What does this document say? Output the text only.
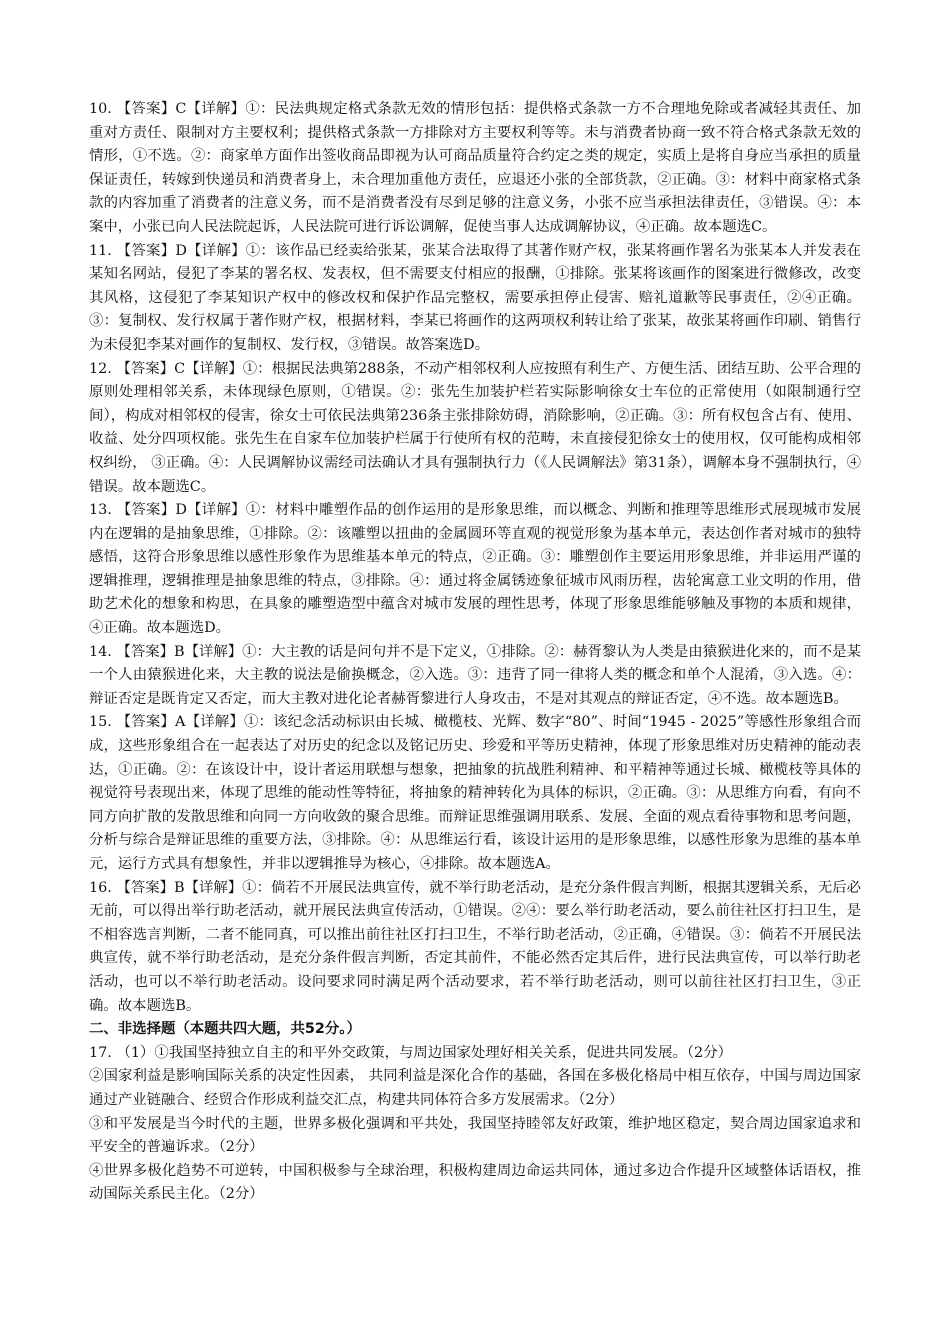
10. 【答案】C【详解】①：民法典规定格式条款无效的情形包括：提供格式条款一方不合理地免除或者减轻其责任、加重对方责任、限制对方主要权利；提供格式条款一方排除对方主要权利等等。未与消费者协商一致不符合格式条款无效的情形，①不选。②：商家单方面作出签收商品即视为认可商品质量符合约定之类的规定，实质上是将自身应当承担的质量保证责任，转嫁到快递员和消费者身上，未合理加重他方责任，应退还小张的全部货款，②正确。③：材料中商家格式条款的内容加重了消费者的注意义务，而不是消费者没有尽到足够的注意义务，小张不应当承担法律责任，③错误。④：本案中，小张已向人民法院起诉，人民法院可进行诉讼调解，促使当事人达成调解协议，④正确。故本题选C。

11. 【答案】D【详解】①：该作品已经卖给张某，张某合法取得了其著作财产权，张某将画作署名为张某本人并发表在某知名网站，侵犯了李某的署名权、发表权，但不需要支付相应的报酬，①排除。张某将该画作的图案进行微修改，改变其风格，这侵犯了李某知识产权中的修改权和保护作品完整权，需要承担停止侵害、赔礼道歉等民事责任，②④正确。③：复制权、发行权属于著作财产权，根据材料，李某已将画作的这两项权利转让给了张某，故张某将画作印刷、销售行为未侵犯李某对画作的复制权、发行权，③错误。故答案选D。

12. 【答案】C【详解】①：根据民法典第288条，不动产相邻权利人应按照有利生产、方便生活、团结互助、公平合理的原则处理相邻关系，未体现绿色原则，①错误。②：张先生加装护栏若实际影响徐女士车位的正常使用（如限制通行空间），构成对相邻权的侵害，徐女士可依民法典第236条主张排除妨碍，消除影响，②正确。③：所有权包含占有、使用、收益、处分四项权能。张先生在自家车位加装护栏属于行使所有权的范畴，未直接侵犯徐女士的使用权，仅可能构成相邻权纠纷， ③正确。④：人民调解协议需经司法确认才具有强制执行力（《人民调解法》第31条），调解本身不强制执行，④错误。故本题选C。

13. 【答案】D【详解】①：材料中雕塑作品的创作运用的是形象思维，而以概念、判断和推理等思维形式展现城市发展内在逻辑的是抽象思维，①排除。②：该雕塑以扭曲的金属圆环等直观的视觉形象为基本单元，表达创作者对城市的独特感悟，这符合形象思维以感性形象作为思维基本单元的特点，②正确。③：雕塑创作主要运用形象思维，并非运用严谨的逻辑推理，逻辑推理是抽象思维的特点，③排除。④：通过将金属锈迹象征城市风雨历程，齿轮寓意工业文明的作用，借助艺术化的想象和构思，在具象的雕塑造型中蕴含对城市发展的理性思考，体现了形象思维能够触及事物的本质和规律，④正确。故本题选D。

14. 【答案】B【详解】①：大主教的话是问句并不是下定义，①排除。②：赫胥黎认为人类是由猿猴进化来的，而不是某一个人由猿猴进化来，大主教的说法是偷换概念，②入选。③：违背了同一律将人类的概念和单个人混淆，③入选。④：辩证否定是既肯定又否定，而大主教对进化论者赫胥黎进行人身攻击，不是对其观点的辩证否定，④不选。故本题选B。

15. 【答案】A【详解】①：该纪念活动标识由长城、橄榄枝、光辉、数字“80”、时间“1945 - 2025”等感性形象组合而成，这些形象组合在一起表达了对历史的纪念以及铭记历史、珍爱和平等历史精神，体现了形象思维对历史精神的能动表达，①正确。②：在该设计中，设计者运用联想与想象，把抽象的抗战胜利精神、和平精神等通过长城、橄榄枝等具体的视觉符号表现出来，体现了思维的能动性等特征，将抽象的精神转化为具体的标识，②正确。③：从思维方向看，有向不同方向扩散的发散思维和向同一方向收敛的聚合思维。而辩证思维强调用联系、发展、全面的观点看待事物和思考问题，分析与综合是辩证思维的重要方法，③排除。④：从思维运行看，该设计运用的是形象思维，以感性形象为思维的基本单元，运行方式具有想象性，并非以逻辑推导为核心，④排除。故本题选A。

16. 【答案】B【详解】①：倘若不开展民法典宣传，就不举行助老活动，是充分条件假言判断，根据其逻辑关系，无后必无前，可以得出举行助老活动，就开展民法典宣传活动，①错误。②④：要么举行助老活动，要么前往社区打扫卫生，是不相容选言判断，二者不能同真，可以推出前往社区打扫卫生，不举行助老活动，②正确，④错误。③：倘若不开展民法典宣传，就不举行助老活动，是充分条件假言判断，否定其前件，不能必然否定其后件，进行民法典宣传，可以举行助老活动，也可以不举行助老活动。设问要求同时满足两个活动要求，若不举行助老活动，则可以前往社区打扫卫生，③正确。故本题选B。

二、非选择题（本题共四大题，共52分。）

17. （1）①我国坚持独立自主的和平外交政策，与周边国家处理好相关关系，促进共同发展。（2分）

②国家利益是影响国际关系的决定性因素， 共同利益是深化合作的基础，各国在多极化格局中相互依存，中国与周边国家通过产业链融合、经贸合作形成利益交汇点，构建共同体符合多方发展需求。（2分）

③和平发展是当今时代的主题，世界多极化强调和平共处，我国坚持睦邻友好政策，维护地区稳定，契合周边国家追求和平安全的普遍诉求。（2分）

④世界多极化趋势不可逆转，中国积极参与全球治理，积极构建周边命运共同体，通过多边合作提升区域整体话语权，推动国际关系民主化。（2分）
